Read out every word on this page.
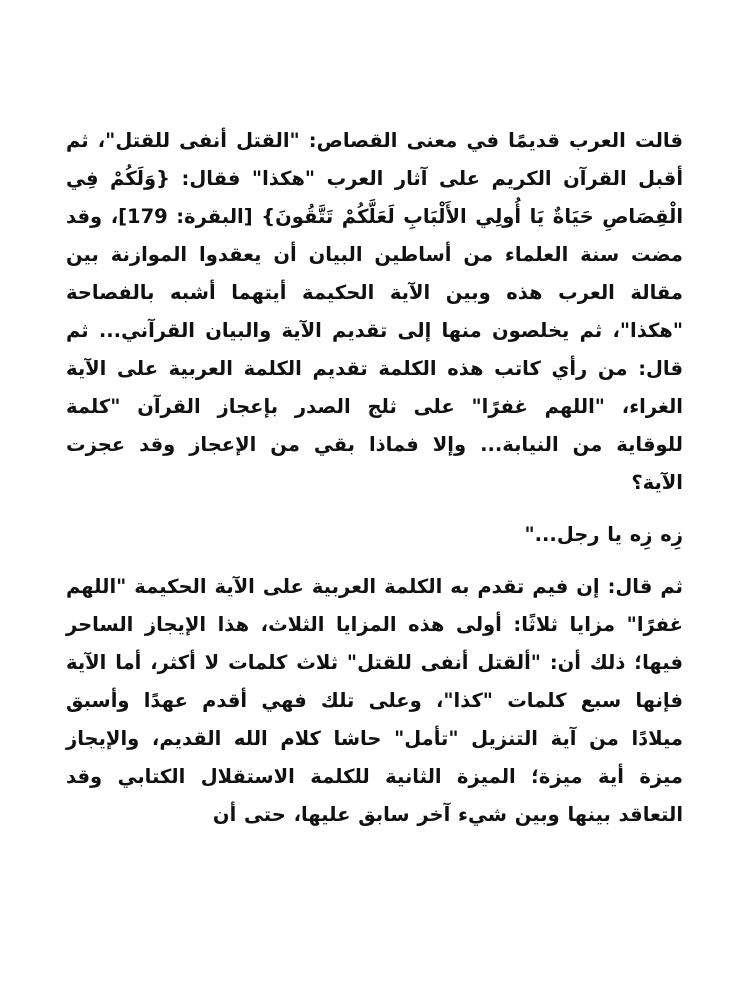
قالت العرب قديمًا في معنى القصاص: "القتل أنفى للقتل"، ثم أقبل القرآن الكريم على آثار العرب "هكذا" فقال: {وَلَكُمْ فِي الْقِصَاصِ حَيَاةٌ يَا أُولِي الأَلْبَابِ لَعَلَّكُمْ تَتَّقُونَ} [البقرة: 179]، وقد مضت سنة العلماء من أساطين البيان أن يعقدوا الموازنة بين مقالة العرب هذه وبين الآية الحكيمة أيتهما أشبه بالفصاحة "هكذا"، ثم يخلصون منها إلى تقديم الآية والبيان القرآني... ثم قال: من رأي كاتب هذه الكلمة تقديم الكلمة العربية على الآية الغراء، "اللهم غفرًا" على ثلج الصدر بإعجاز القرآن "كلمة للوقاية من النيابة... وإلا فماذا بقي من الإعجاز وقد عجزت الآية؟

زِه زِه يا رجل..."

ثم قال: إن فيم تقدم به الكلمة العربية على الآية الحكيمة "اللهم غفرًا" مزايا ثلاثًا: أولى هذه المزايا الثلاث، هذا الإيجاز الساحر فيها؛ ذلك أن: "ألقتل أنفى للقتل" ثلاث كلمات لا أكثر، أما الآية فإنها سبع كلمات "كذا"، وعلى تلك فهي أقدم عهدًا وأسبق ميلادًا من آية التنزيل "تأمل" حاشا كلام الله القديم، والإيجاز ميزة أية ميزة؛ الميزة الثانية للكلمة الاستقلال الكتابي وقد التعاقد بينها وبين شيء آخر سابق عليها، حتى أن
